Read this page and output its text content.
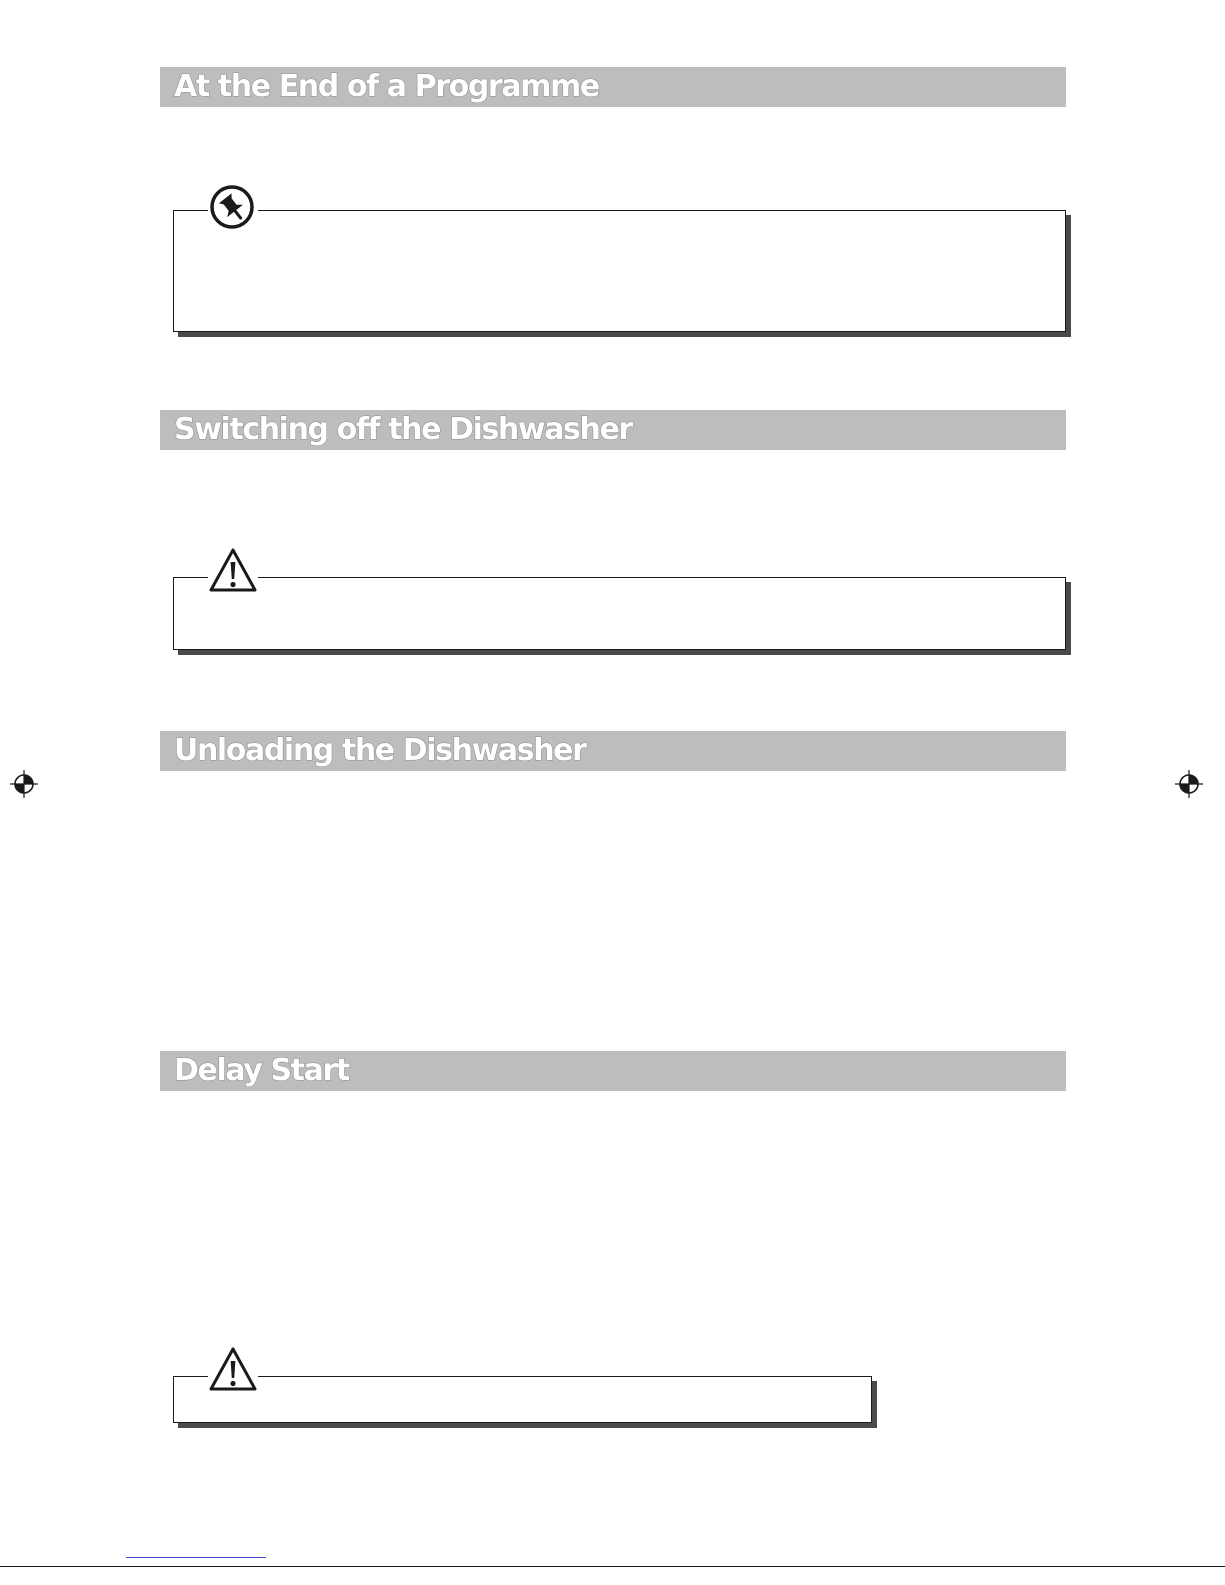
At the End of a Programme
Switching off the Dishwasher
Unloading the Dishwasher
Delay Start
